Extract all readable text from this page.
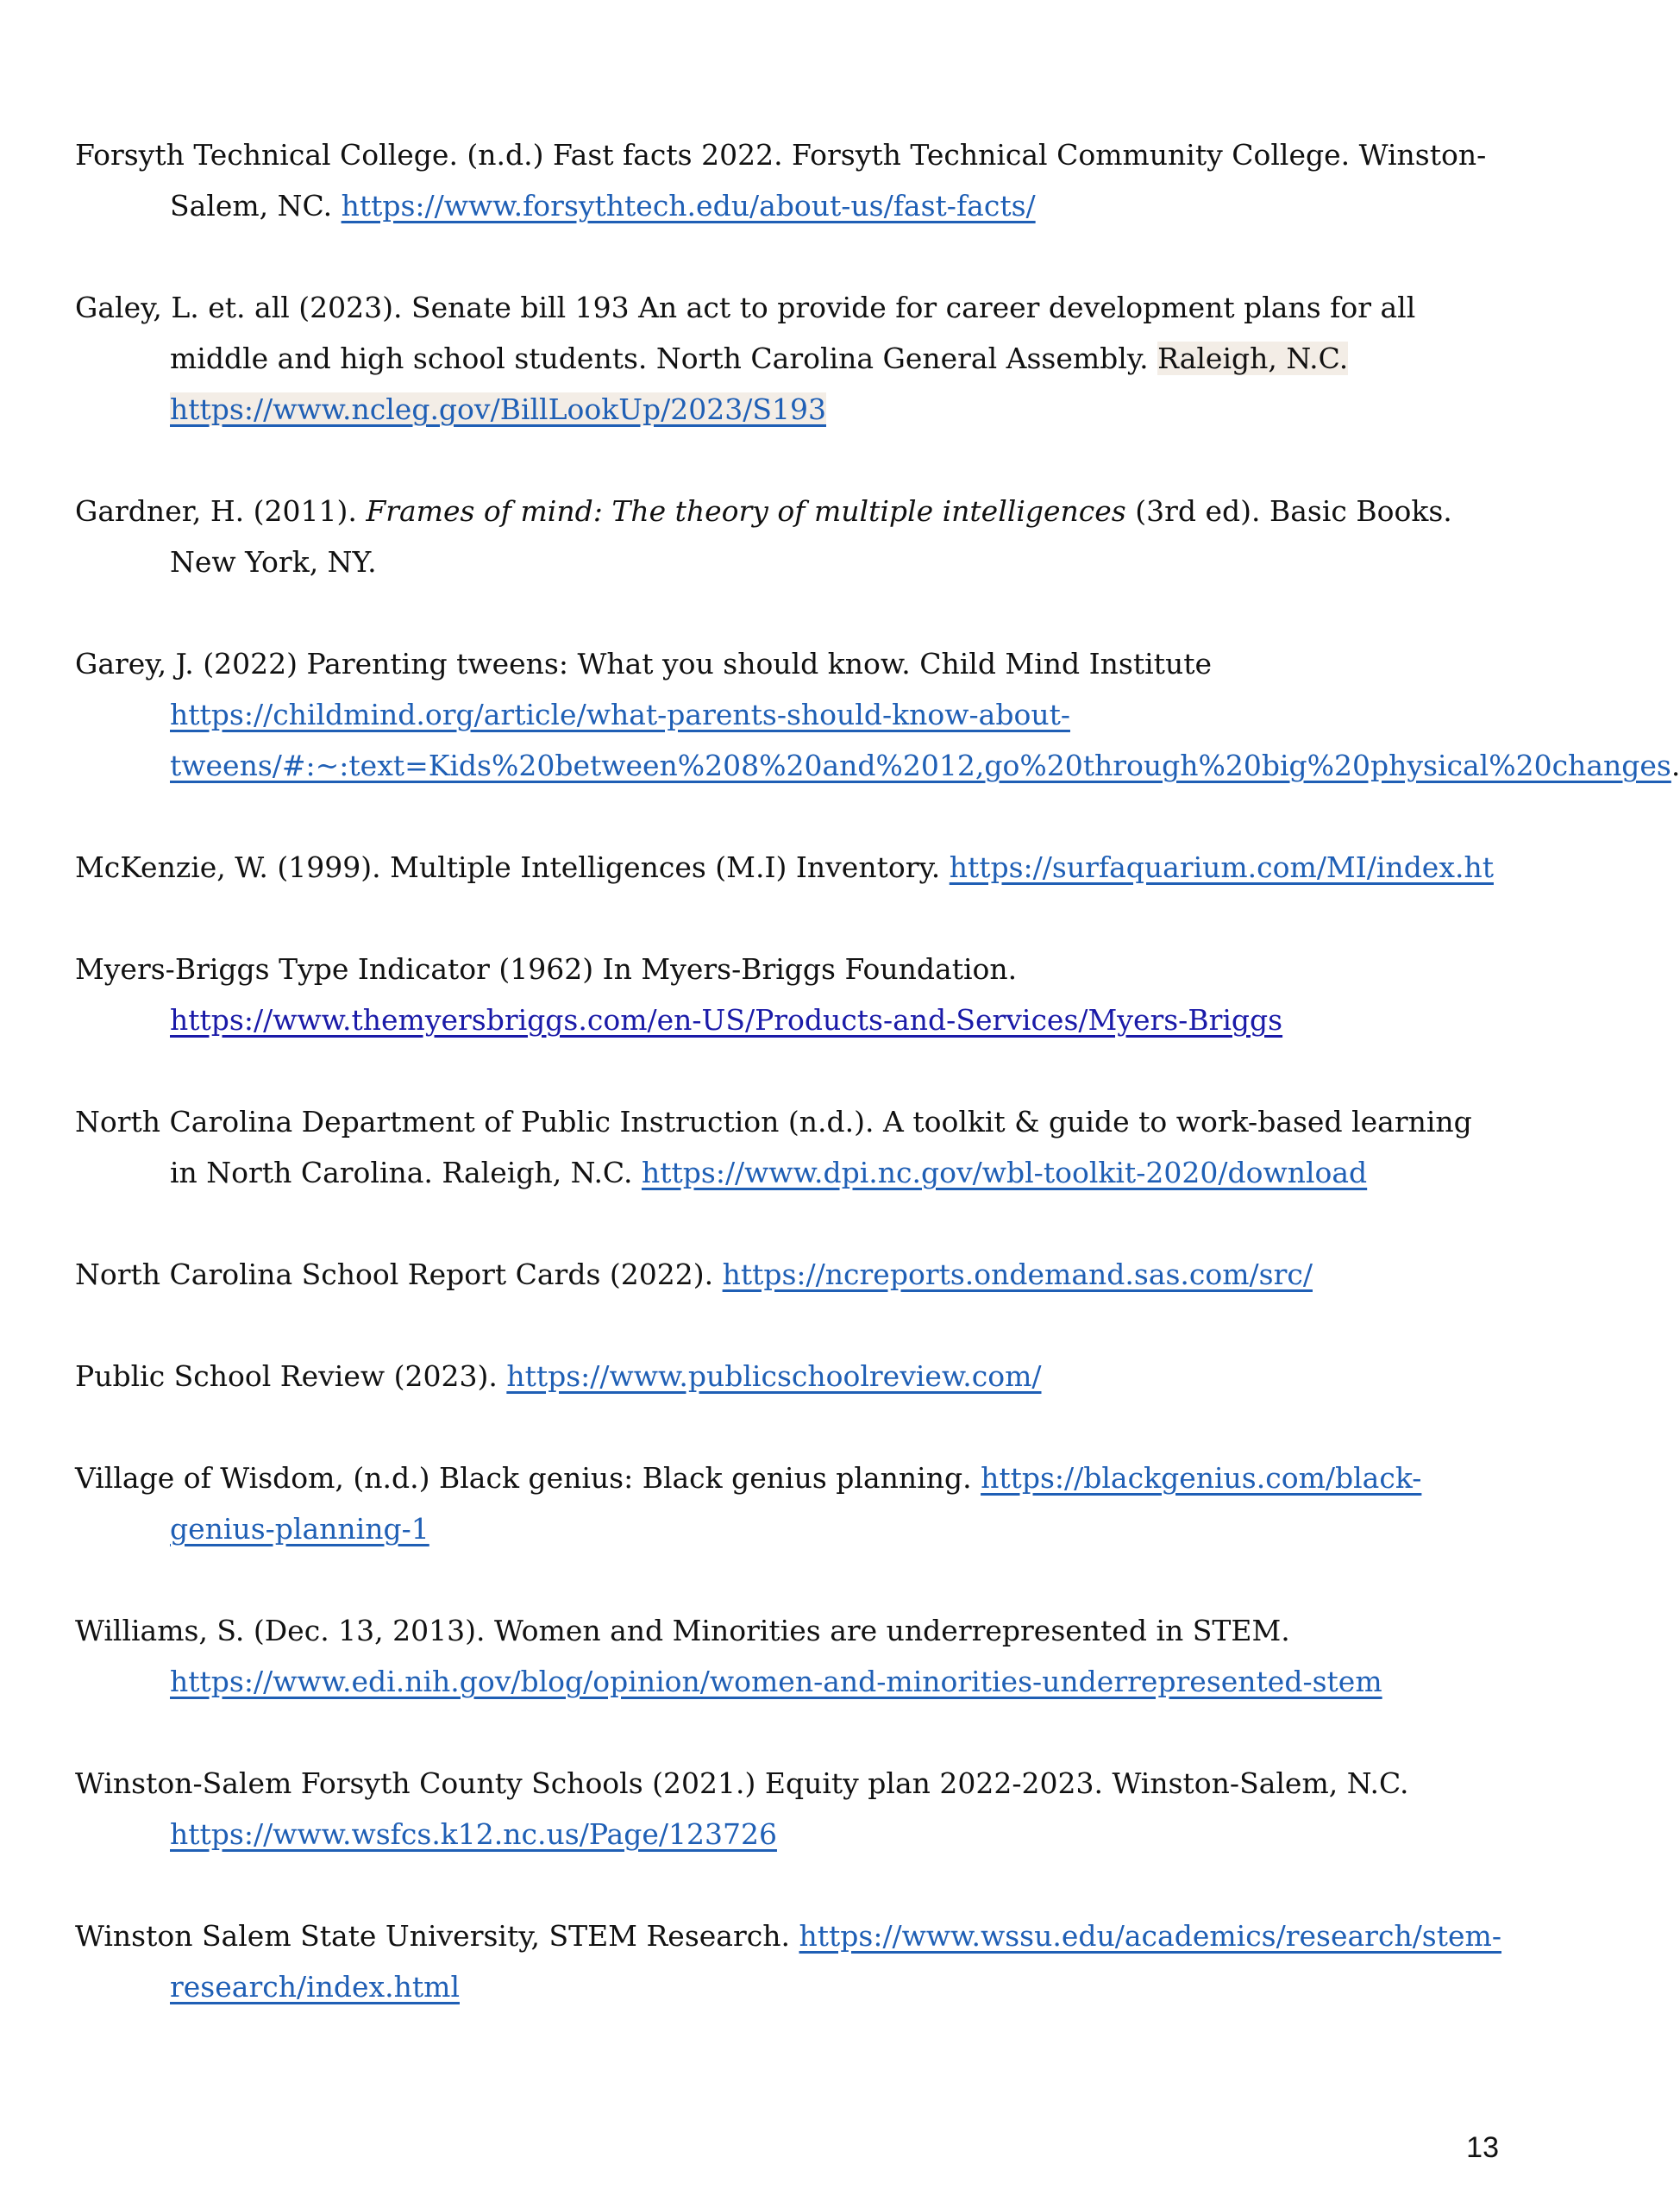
Forsyth Technical College. (n.d.) Fast facts 2022. Forsyth Technical Community College. Winston-Salem, NC. https://www.forsythtech.edu/about-us/fast-facts/

Galey, L. et. all (2023). Senate bill 193 An act to provide for career development plans for all middle and high school students. North Carolina General Assembly. Raleigh, N.C. https://www.ncleg.gov/BillLookUp/2023/S193

Gardner, H. (2011). Frames of mind: The theory of multiple intelligences (3rd ed). Basic Books. New York, NY.

Garey, J. (2022) Parenting tweens: What you should know. Child Mind Institute https://childmind.org/article/what-parents-should-know-about-tweens/#:~:text=Kids%20between%208%20and%2012,go%20through%20big%20physical%20changes.

McKenzie, W. (1999). Multiple Intelligences (M.I) Inventory. https://surfaquarium.com/MI/index.ht

Myers-Briggs Type Indicator (1962) In Myers-Briggs Foundation. https://www.themyersbriggs.com/en-US/Products-and-Services/Myers-Briggs

North Carolina Department of Public Instruction (n.d.). A toolkit & guide to work-based learning in North Carolina. Raleigh, N.C. https://www.dpi.nc.gov/wbl-toolkit-2020/download

North Carolina School Report Cards (2022). https://ncreports.ondemand.sas.com/src/

Public School Review (2023). https://www.publicschoolreview.com/

Village of Wisdom, (n.d.) Black genius: Black genius planning. https://blackgenius.com/black-genius-planning-1

Williams, S. (Dec. 13, 2013). Women and Minorities are underrepresented in STEM. https://www.edi.nih.gov/blog/opinion/women-and-minorities-underrepresented-stem

Winston-Salem Forsyth County Schools (2021.) Equity plan 2022-2023. Winston-Salem, N.C. https://www.wsfcs.k12.nc.us/Page/123726

Winston Salem State University, STEM Research. https://www.wssu.edu/academics/research/stem-research/index.html

13
